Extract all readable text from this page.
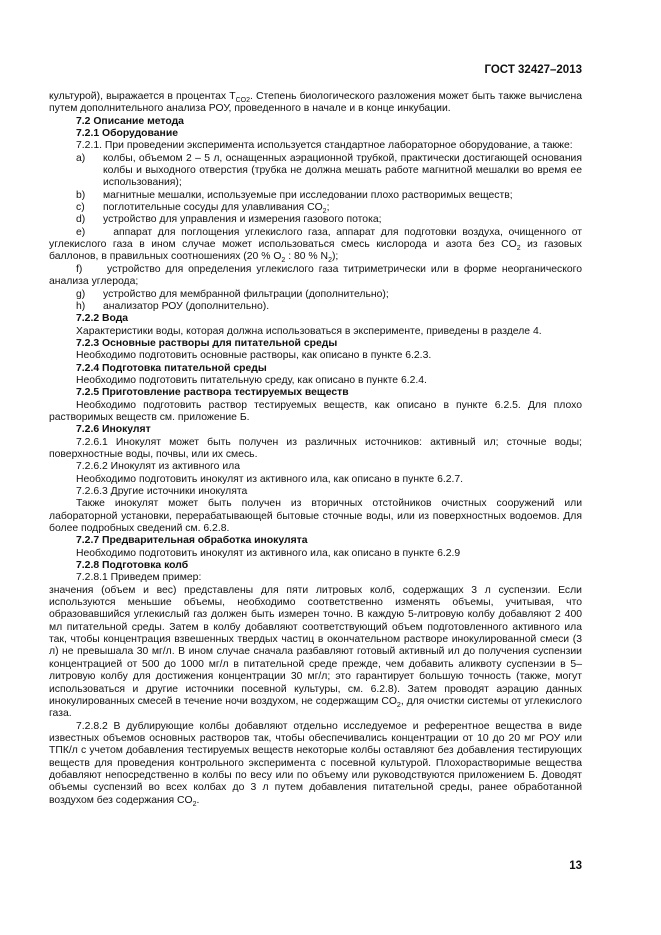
ГОСТ 32427–2013

культурой), выражается в процентах $T_{CO2}$. Степень биологического разложения может быть также вычислена путем дополнительного анализа РОУ, проведенного в начале и в конце инкубации.

7.2 Описание метода

7.2.1 Оборудование

7.2.1. При проведении эксперимента используется стандартное лабораторное оборудование, а также:

a)	колбы, объемом 2 – 5 л, оснащенных аэрационной трубкой, практически достигающей основания колбы и выходного отверстия (трубка не должна мешать работе магнитной мешалки во время ее использования);
b)	магнитные мешалки, используемые при исследовании плохо растворимых веществ;
c)	поглотительные сосуды для улавливания $CO_2$;
d)	устройство для управления и измерения газового потока;

e)	аппарат для поглощения углекислого газа, аппарат для подготовки воздуха, очищенного от углекислого газа в ином случае может использоваться смесь кислорода и азота без $CO_2$ из газовых баллонов, в правильных соотношениях (20 % $O_2$ : 80 % $N_2$);

f) устройство для определения углекислого газа титриметрически или в форме неорганического анализа углерода;

g)	устройство для мембранной фильтрации (дополнительно);
h)	анализатор РОУ (дополнительно).

7.2.2 Вода

Характеристики воды, которая должна использоваться в эксперименте, приведены в разделе 4.

7.2.3 Основные растворы для питательной среды

Необходимо подготовить основные растворы, как описано в пункте 6.2.3.

7.2.4 Подготовка питательной среды

Необходимо подготовить питательную среду, как описано в пункте 6.2.4.

7.2.5 Приготовление раствора тестируемых веществ

Необходимо подготовить раствор тестируемых веществ, как описано в пункте 6.2.5. Для плохо растворимых веществ см. приложение Б.

7.2.6 Инокулят

7.2.6.1 Инокулят может быть получен из различных источников: активный ил; сточные воды; поверхностные воды, почвы, или их смесь.

7.2.6.2 Инокулят из активного ила

Необходимо подготовить инокулят из активного ила, как описано в пункте 6.2.7.

7.2.6.3 Другие источники инокулята

Также инокулят может быть получен из вторичных отстойников очистных сооружений или лабораторной установки, перерабатывающей бытовые сточные воды, или из поверхностных водоемов. Для более подробных сведений см. 6.2.8.

7.2.7 Предварительная обработка инокулята

Необходимо подготовить инокулят из активного ила, как описано в пункте 6.2.9

7.2.8 Подготовка колб

7.2.8.1 Приведем пример:

значения (объем и вес) представлены для пяти литровых колб, содержащих 3 л суспензии. Если используются меньшие объемы, необходимо соответственно изменять объемы, учитывая, что образовавшийся углекислый газ должен быть измерен точно. В каждую 5-литровую колбу добавляют 2 400 мл питательной среды. Затем в колбу добавляют соответствующий объем подготовленного активного ила так, чтобы концентрация взвешенных твердых частиц в окончательном растворе инокулированной смеси (3 л) не превышала 30 мг/л. В ином случае сначала разбавляют готовый активный ил до получения суспензии концентрацией от 500 до 1000 мг/л в питательной среде прежде, чем добавить аликвоту суспензии в 5–литровую колбу для достижения концентрации 30 мг/л; это гарантирует большую точность (также, могут использоваться и другие источники посевной культуры, см. 6.2.8). Затем проводят аэрацию данных инокулированных смесей в течение ночи воздухом, не содержащим $CO_2$, для очистки системы от углекислого газа.

7.2.8.2 В дублирующие колбы добавляют отдельно исследуемое и референтное вещества в виде известных объемов основных растворов так, чтобы обеспечивались концентрации от 10 до 20 мг РОУ или ТПК/л с учетом добавления тестируемых веществ некоторые колбы оставляют без добавления тестирующих веществ для проведения контрольного эксперимента с посевной культурой. Плохорастворимые вещества добавляют непосредственно в колбы по весу или по объему или руководствуются приложением Б. Доводят объемы суспензий во всех колбах до 3 л путем добавления питательной среды, ранее обработанной воздухом без содержания $CO_2$.

13
